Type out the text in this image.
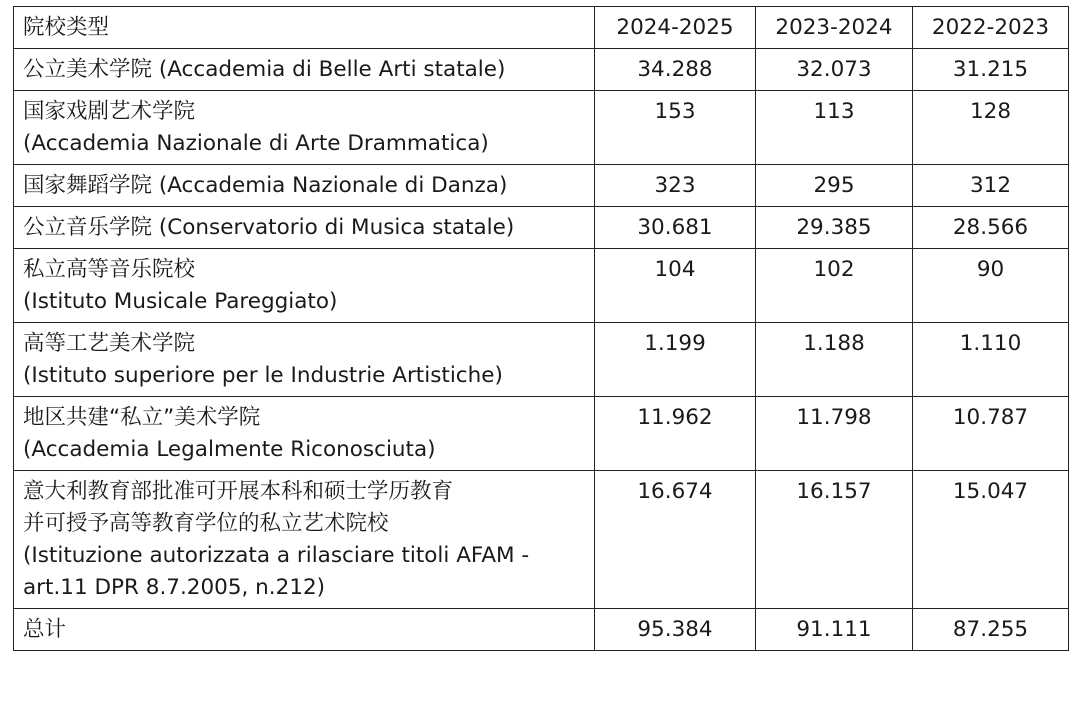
院校类型	2024-2025	2023-2024	2022-2023

公立美术学院 (Accademia di Belle Arti statale)	34.288	32.073	31.215

国家戏剧艺术学院
(Accademia Nazionale di Arte Drammatica)	153	113	128

国家舞蹈学院 (Accademia Nazionale di Danza)	323	295	312

公立音乐学院 (Conservatorio di Musica statale)	30.681	29.385	28.566

私立高等音乐院校
(Istituto Musicale Pareggiato)	104	102	90

高等工艺美术学院
(Istituto superiore per le Industrie Artistiche)	1.199	1.188	1.110

地区共建“私立”美术学院
(Accademia Legalmente Riconosciuta)	11.962	11.798	10.787

意大利教育部批准可开展本科和硕士学历教育
并可授予高等教育学位的私立艺术院校
(Istituzione autorizzata a rilasciare titoli AFAM -
art.11 DPR 8.7.2005, n.212)	16.674	16.157	15.047
总计	95.384	91.111	87.255
